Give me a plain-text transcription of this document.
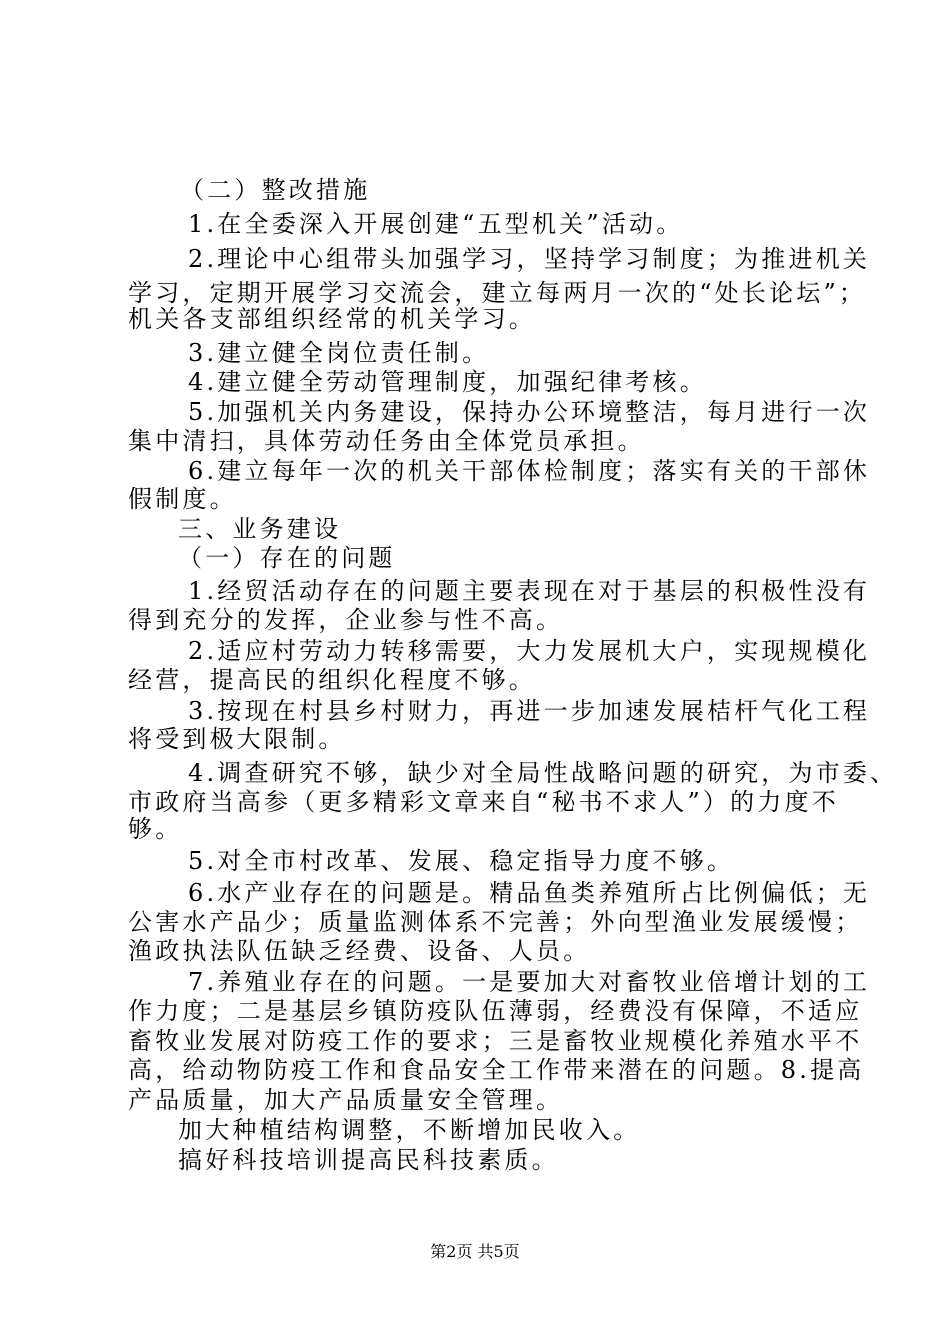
（二）整改措施
1.在全委深入开展创建“五型机关”活动。
2.理论中心组带头加强学习，坚持学习制度；为推进机关
学习，定期开展学习交流会，建立每两月一次的“处长论坛”；
机关各支部组织经常的机关学习。
3.建立健全岗位责任制。
4.建立健全劳动管理制度，加强纪律考核。
5.加强机关内务建设，保持办公环境整洁，每月进行一次
集中清扫，具体劳动任务由全体党员承担。
6.建立每年一次的机关干部体检制度；落实有关的干部休
假制度。
三、业务建设
（一）存在的问题
1.经贸活动存在的问题主要表现在对于基层的积极性没有
得到充分的发挥，企业参与性不高。
2.适应村劳动力转移需要，大力发展机大户，实现规模化
经营，提高民的组织化程度不够。
3.按现在村县乡村财力，再进一步加速发展桔杆气化工程
将受到极大限制。
4.调查研究不够，缺少对全局性战略问题的研究，为市委、
市政府当高参（更多精彩文章来自“秘书不求人”）的力度不
够。
5.对全市村改革、发展、稳定指导力度不够。
6.水产业存在的问题是。精品鱼类养殖所占比例偏低；无
公害水产品少；质量监测体系不完善；外向型渔业发展缓慢；
渔政执法队伍缺乏经费、设备、人员。
7.养殖业存在的问题。一是要加大对畜牧业倍增计划的工
作力度；二是基层乡镇防疫队伍薄弱，经费没有保障，不适应
畜牧业发展对防疫工作的要求；三是畜牧业规模化养殖水平不
高，给动物防疫工作和食品安全工作带来潜在的问题。8.提高
产品质量，加大产品质量安全管理。
加大种植结构调整，不断增加民收入。
搞好科技培训提高民科技素质。
第2页 共5页
